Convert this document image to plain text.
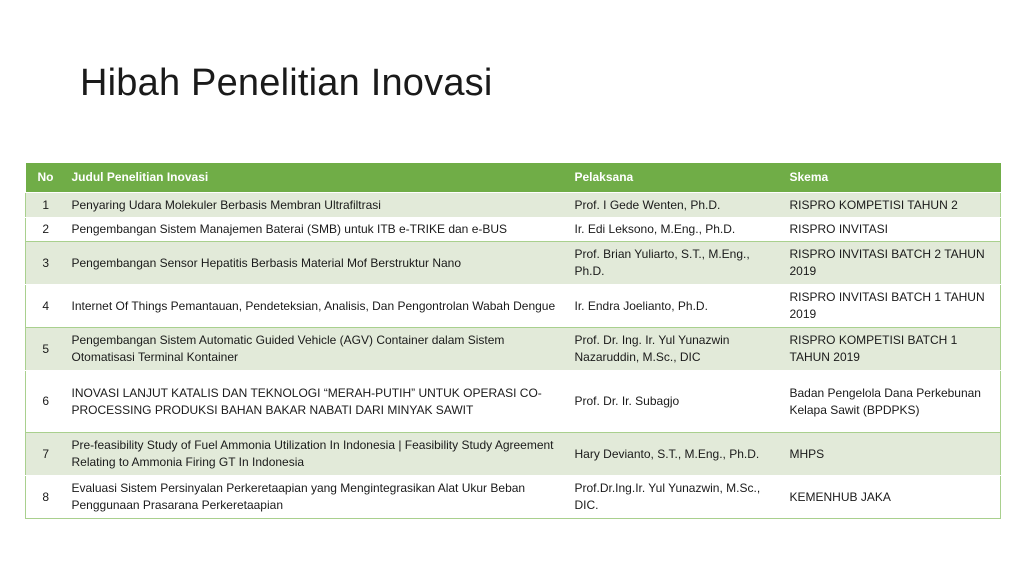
Hibah Penelitian Inovasi
No	Judul Penelitian Inovasi	Pelaksana	Skema
1	Penyaring Udara Molekuler Berbasis Membran Ultrafiltrasi	Prof. I Gede Wenten, Ph.D.	RISPRO KOMPETISI TAHUN 2
2	Pengembangan Sistem Manajemen Baterai (SMB) untuk ITB e-TRIKE dan e-BUS	Ir. Edi Leksono, M.Eng., Ph.D.	RISPRO INVITASI
3	Pengembangan Sensor Hepatitis Berbasis Material Mof Berstruktur Nano	Prof. Brian Yuliarto, S.T., M.Eng., Ph.D.	RISPRO INVITASI BATCH 2 TAHUN 2019
4	Internet Of Things Pemantauan, Pendeteksian, Analisis, Dan Pengontrolan Wabah Dengue	Ir. Endra Joelianto, Ph.D.	RISPRO INVITASI BATCH 1 TAHUN 2019
5	Pengembangan Sistem Automatic Guided Vehicle (AGV) Container dalam Sistem Otomatisasi Terminal Kontainer	Prof. Dr. Ing. Ir. Yul Yunazwin Nazaruddin, M.Sc., DIC	RISPRO KOMPETISI BATCH 1 TAHUN 2019
6	INOVASI LANJUT KATALIS DAN TEKNOLOGI “MERAH-PUTIH” UNTUK OPERASI CO-PROCESSING PRODUKSI BAHAN BAKAR NABATI DARI MINYAK SAWIT	Prof. Dr. Ir. Subagjo	Badan Pengelola Dana Perkebunan Kelapa Sawit (BPDPKS)
7	Pre-feasibility Study of Fuel Ammonia Utilization In Indonesia | Feasibility Study Agreement Relating to Ammonia Firing GT In Indonesia	Hary Devianto, S.T., M.Eng., Ph.D.	MHPS
8	Evaluasi Sistem Persinyalan Perkeretaapian yang Mengintegrasikan Alat Ukur Beban Penggunaan Prasarana Perkeretaapian	Prof.Dr.Ing.Ir. Yul Yunazwin, M.Sc., DIC.	KEMENHUB JAKA
